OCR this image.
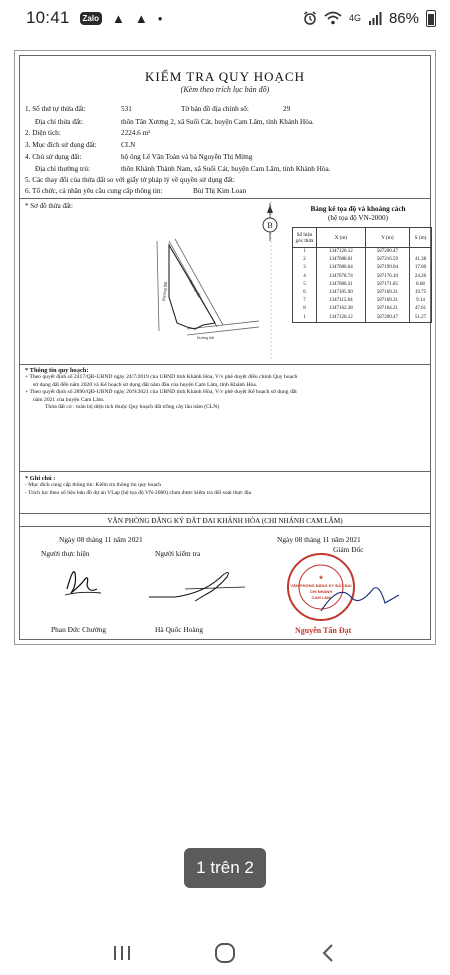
10:41	Zalo ▲ ▲ ●	4G 86%
KIỂM TRA QUY HOẠCH
(Kèm theo trích lục bản đồ)
1. Số thứ tự thửa đất:	531	Tờ bản đồ địa chính số:	29
Địa chỉ thửa đất:	thôn Tân Xương 2, xã Suối Cát, huyện Cam Lâm, tỉnh Khánh Hòa.
2. Diện tích:	2224.6 m²
3. Mục đích sử dụng đất:	CLN
4. Chủ sử dụng đất:	hộ ông Lê Văn Toàn và bà Nguyễn Thị Mừng
Địa chỉ thường trú:	thôn Khánh Thành Nam, xã Suối Cát, huyện Cam Lâm, tỉnh Khánh Hòa.
5. Các thay đổi của thửa đất so với giấy tờ pháp lý về quyền sử dụng đất:
6. Tổ chức, cá nhân yêu cầu cung cấp thông tin:	Bùi Thị Kim Loan
* Sơ đồ thửa đất:
Đường đất	Đường đất
Đường đất
B
Bảng kê tọa độ và khoảng cách
(hệ tọa độ VN-2000)
Số hiệu góc thửa	X (m)	Y (m)	S (m)
1	1347126.12	587200.47	
2	1347088.01	587216.59	41.38
3	1347086.64	587199.04	17.60
4	1347078.74	587176.10	24.26
5	1347086.31	587171.85	8.68
6	1347105.90	587169.31	19.75
7	1347115.04	587169.31	9.14
8	1347162.38	587164.21	47.61
1	1347126.12	587200.47	51.27
* Thông tin quy hoạch:
+ Theo quyết định số 2417/QĐ-UBND ngày 24/7/2019 của UBND tỉnh Khánh Hòa, V/v phê duyệt điều chỉnh Quy hoạch
sử dụng đất đến năm 2020 và Kế hoạch sử dụng đất năm đầu của huyện Cam Lâm, tỉnh Khánh Hòa.
+ Theo quyết định số 2890/QĐ-UBND ngày 20/9/2021 của UBND tỉnh Khánh Hòa, V/v phê duyệt Kế hoạch sử dụng đất
năm 2021 của huyện Cam Lâm.
Thửa đất có : toàn bộ diện tích thuộc Quy hoạch đất trồng cây lâu năm (CLN)
* Ghi chú :
- Mục đích cung cấp thông tin: Kiểm tra thông tin quy hoạch
- Trích lục theo số liệu bản đồ dự án VLap (hệ tọa độ VN-2000) chưa được kiểm tra đối soát thực địa
VĂN PHÒNG ĐĂNG KÝ ĐẤT ĐAI KHÁNH HÒA (CHI NHÁNH CAM LÂM)
Ngày 08 tháng 11 năm 2021	Ngày 08 tháng 11 năm 2021
Giám Đốc
Người thực hiện	Người kiểm tra
★
VĂN PHÒNG ĐĂNG KÝ ĐẤT ĐAI
CHI NHÁNH
CAM LÂM
Phan Đức Chưởng	Hà Quốc Hoàng	Nguyễn Tấn Đạt
1 trên 2
